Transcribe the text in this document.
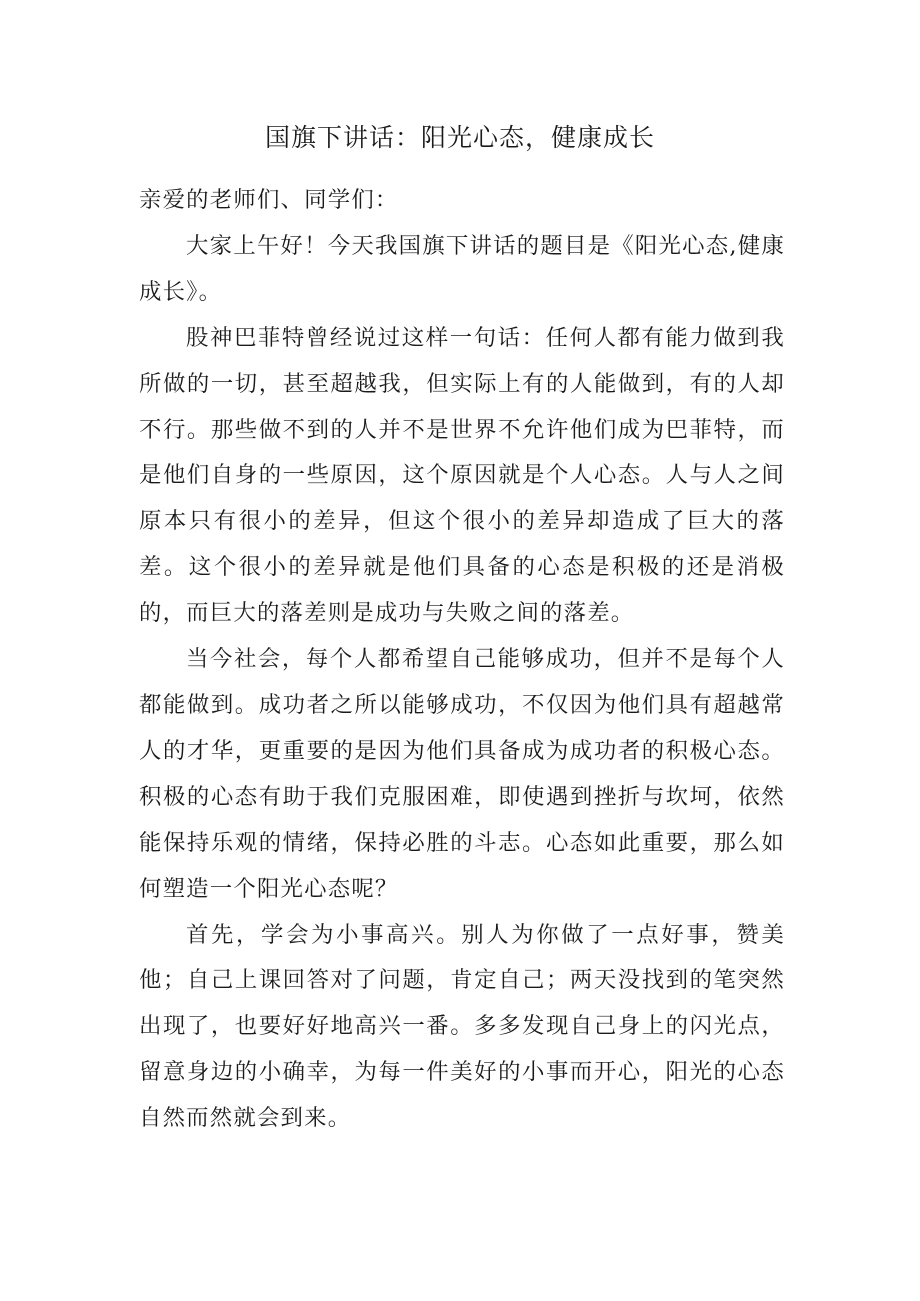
国旗下讲话：阳光心态，健康成长

亲爱的老师们、同学们：

大家上午好！今天我国旗下讲话的题目是《阳光心态,健康成长》。

股神巴菲特曾经说过这样一句话：任何人都有能力做到我所做的一切，甚至超越我，但实际上有的人能做到，有的人却不行。那些做不到的人并不是世界不允许他们成为巴菲特，而是他们自身的一些原因，这个原因就是个人心态。人与人之间原本只有很小的差异，但这个很小的差异却造成了巨大的落差。这个很小的差异就是他们具备的心态是积极的还是消极的，而巨大的落差则是成功与失败之间的落差。

当今社会，每个人都希望自己能够成功，但并不是每个人都能做到。成功者之所以能够成功，不仅因为他们具有超越常人的才华，更重要的是因为他们具备成为成功者的积极心态。积极的心态有助于我们克服困难，即使遇到挫折与坎坷，依然能保持乐观的情绪，保持必胜的斗志。心态如此重要，那么如何塑造一个阳光心态呢？

首先，学会为小事高兴。别人为你做了一点好事，赞美他；自己上课回答对了问题，肯定自己；两天没找到的笔突然出现了，也要好好地高兴一番。多多发现自己身上的闪光点，留意身边的小确幸，为每一件美好的小事而开心，阳光的心态自然而然就会到来。
